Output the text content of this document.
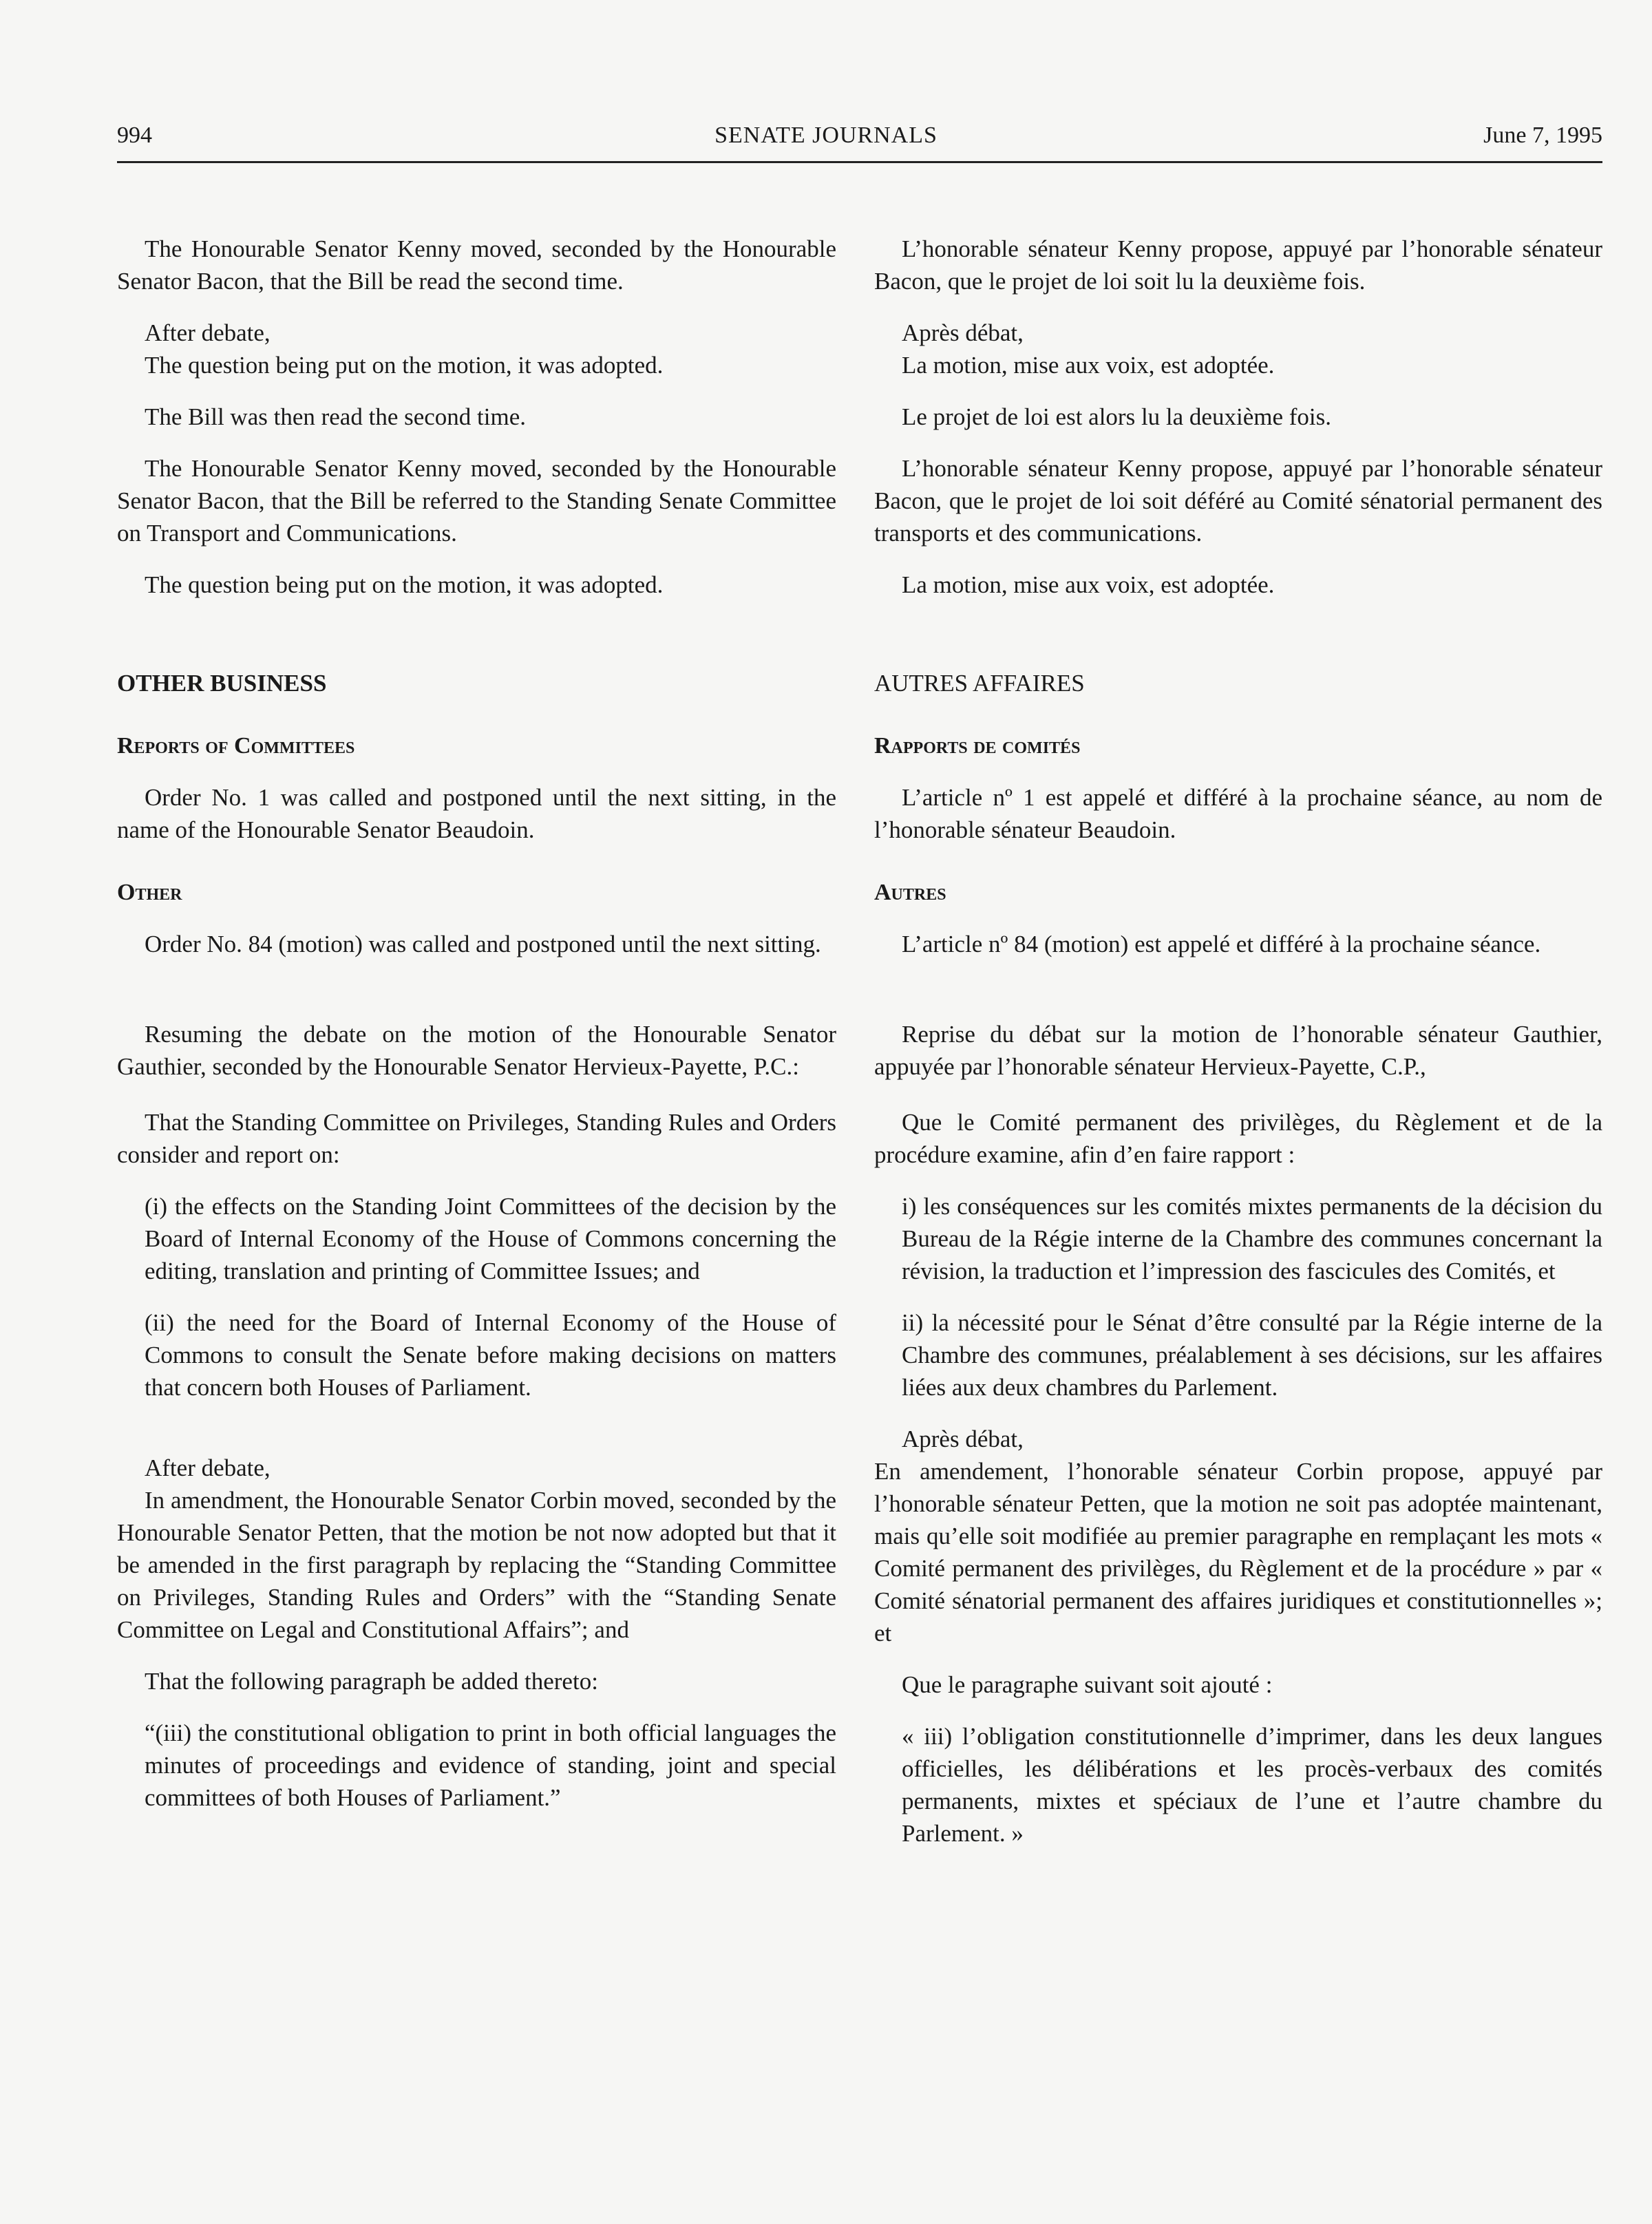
994	SENATE JOURNALS	June 7, 1995

The Honourable Senator Kenny moved, seconded by the Honourable Senator Bacon, that the Bill be read the second time.

After debate,

The question being put on the motion, it was adopted.

The Bill was then read the second time.

The Honourable Senator Kenny moved, seconded by the Honourable Senator Bacon, that the Bill be referred to the Standing Senate Committee on Transport and Communications.

The question being put on the motion, it was adopted.

OTHER BUSINESS

Reports of Committees

Order No. 1 was called and postponed until the next sitting, in the name of the Honourable Senator Beaudoin.

Other

Order No. 84 (motion) was called and postponed until the next sitting.

Resuming the debate on the motion of the Honourable Senator Gauthier, seconded by the Honourable Senator Hervieux-Payette, P.C.:

That the Standing Committee on Privileges, Standing Rules and Orders consider and report on:

(i) the effects on the Standing Joint Committees of the decision by the Board of Internal Economy of the House of Commons concerning the editing, translation and printing of Committee Issues; and

(ii) the need for the Board of Internal Economy of the House of Commons to consult the Senate before making decisions on matters that concern both Houses of Parliament.

After debate,

In amendment, the Honourable Senator Corbin moved, seconded by the Honourable Senator Petten, that the motion be not now adopted but that it be amended in the first paragraph by replacing the “Standing Committee on Privileges, Standing Rules and Orders” with the “Standing Senate Committee on Legal and Constitutional Affairs”; and

That the following paragraph be added thereto:

“(iii) the constitutional obligation to print in both official languages the minutes of proceedings and evidence of standing, joint and special committees of both Houses of Parliament.”

L’honorable sénateur Kenny propose, appuyé par l’honorable sénateur Bacon, que le projet de loi soit lu la deuxième fois.

Après débat,

La motion, mise aux voix, est adoptée.

Le projet de loi est alors lu la deuxième fois.

L’honorable sénateur Kenny propose, appuyé par l’honorable sénateur Bacon, que le projet de loi soit déféré au Comité sénatorial permanent des transports et des communications.

La motion, mise aux voix, est adoptée.

AUTRES AFFAIRES

Rapports de comités

L’article nº 1 est appelé et différé à la prochaine séance, au nom de l’honorable sénateur Beaudoin.

Autres

L’article nº 84 (motion) est appelé et différé à la prochaine séance.

Reprise du débat sur la motion de l’honorable sénateur Gauthier, appuyée par l’honorable sénateur Hervieux-Payette, C.P.,

Que le Comité permanent des privilèges, du Règlement et de la procédure examine, afin d’en faire rapport :

i) les conséquences sur les comités mixtes permanents de la décision du Bureau de la Régie interne de la Chambre des communes concernant la révision, la traduction et l’impression des fascicules des Comités, et

ii) la nécessité pour le Sénat d’être consulté par la Régie interne de la Chambre des communes, préalablement à ses décisions, sur les affaires liées aux deux chambres du Parlement.

Après débat,

En amendement, l’honorable sénateur Corbin propose, appuyé par l’honorable sénateur Petten, que la motion ne soit pas adoptée maintenant, mais qu’elle soit modifiée au premier paragraphe en remplaçant les mots « Comité permanent des privilèges, du Règlement et de la procédure » par « Comité sénatorial permanent des affaires juridiques et constitutionnelles »; et

Que le paragraphe suivant soit ajouté :

« iii) l’obligation constitutionnelle d’imprimer, dans les deux langues officielles, les délibérations et les procès-verbaux des comités permanents, mixtes et spéciaux de l’une et l’autre chambre du Parlement. »
